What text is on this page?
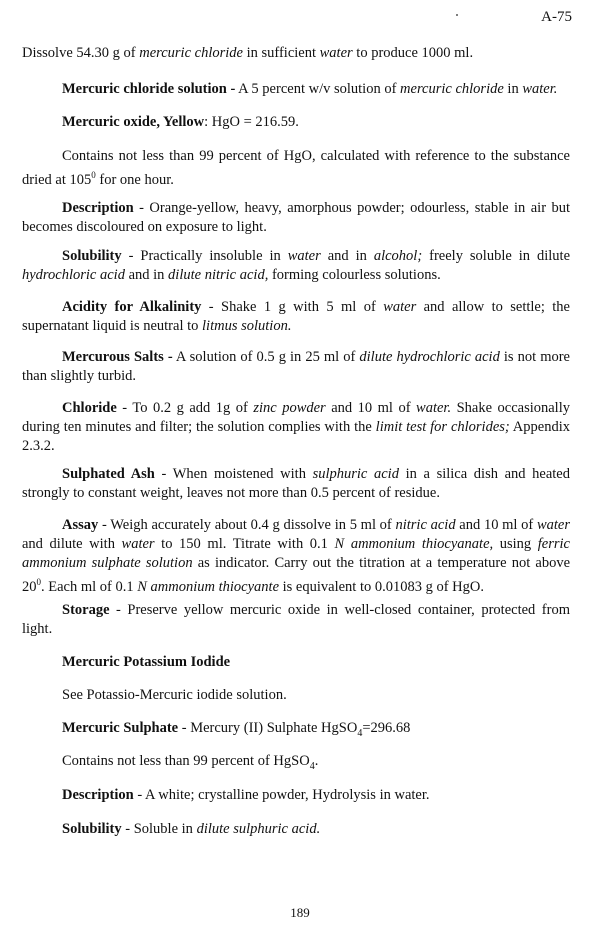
A-75

Dissolve 54.30 g of mercuric chloride in sufficient water to produce 1000 ml.

Mercuric chloride solution - A 5 percent w/v solution of mercuric chloride in water.

Mercuric oxide, Yellow: HgO = 216.59.

Contains not less than 99 percent of HgO, calculated with reference to the substance dried at $105^0$ for one hour.

Description - Orange-yellow, heavy, amorphous powder; odourless, stable in air but becomes discoloured on exposure to light.

Solubility - Practically insoluble in water and in alcohol; freely soluble in dilute hydrochloric acid and in dilute nitric acid, forming colourless solutions.

Acidity for Alkalinity - Shake 1 g with 5 ml of water and allow to settle; the supernatant liquid is neutral to litmus solution.

Mercurous Salts - A solution of 0.5 g in 25 ml of dilute hydrochloric acid is not more than slightly turbid.

Chloride - To 0.2 g add 1g of zinc powder and 10 ml of water. Shake occasionally during ten minutes and filter; the solution complies with the limit test for chlorides; Appendix 2.3.2.

Sulphated Ash - When moistened with sulphuric acid in a silica dish and heated strongly to constant weight, leaves not more than 0.5 percent of residue.

Assay - Weigh accurately about 0.4 g dissolve in 5 ml of nitric acid and 10 ml of water and dilute with water to 150 ml. Titrate with 0.1 N ammonium thiocyanate, using ferric ammonium sulphate solution as indicator. Carry out the titration at a temperature not above $20^0$. Each ml of 0.1 N ammonium thiocyante is equivalent to 0.01083 g of HgO.

Storage - Preserve yellow mercuric oxide in well-closed container, protected from light.

Mercuric Potassium Iodide

See Potassio-Mercuric iodide solution.

Mercuric Sulphate - Mercury (II) Sulphate HgSO$_4$=296.68

Contains not less than 99 percent of HgSO$_4$.

Description - A white; crystalline powder, Hydrolysis in water.

Solubility - Soluble in dilute sulphuric acid.

189
